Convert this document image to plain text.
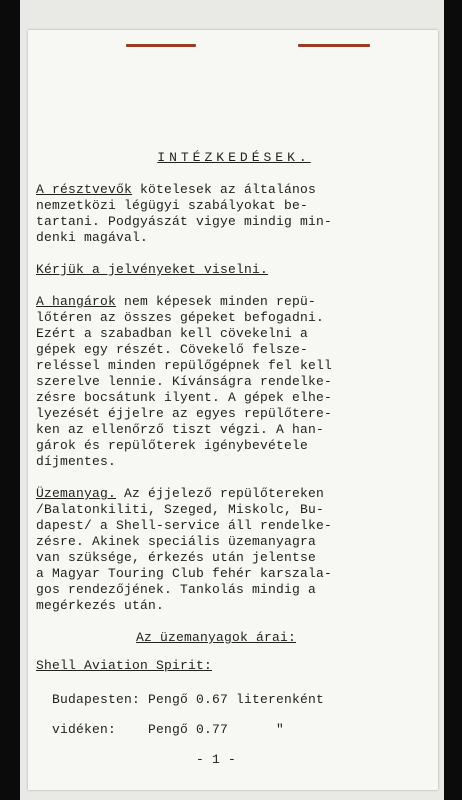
INTÉZKEDÉSEK.
A résztvevők kötelesek az általános
nemzetközi légügyi szabályokat be-
tartani. Podgyászát vigye mindig min-
denki magával.
Kérjük a jelvényeket viselni.
A hangárok nem képesek minden repü-
lőtéren az összes gépeket befogadni.
Ezért a szabadban kell cövekelni a
gépek egy részét. Cövekelő felsze-
reléssel minden repülőgépnek fel kell
szerelve lennie. Kívánságra rendelke-
zésre bocsátunk ilyent. A gépek elhe-
lyezését éjjelre az egyes repülőtere-
ken az ellenőrző tiszt végzi. A han-
gárok és repülőterek igénybevétele
díjmentes.
Üzemanyag. Az éjjelező repülőtereken
/Balatonkiliti, Szeged, Miskolc, Bu-
dapest/ a Shell-service áll rendelke-
zésre. Akinek speciális üzemanyagra
van szüksége, érkezés után jelentse
a Magyar Touring Club fehér karszala-
gos rendezőjének. Tankolás mindig a
megérkezés után.
Az üzemanyagok árai:
Shell Aviation Spirit:
Budapesten: Pengő 0.67 literenként
vidéken:    Pengő 0.77      "
- 1 -
